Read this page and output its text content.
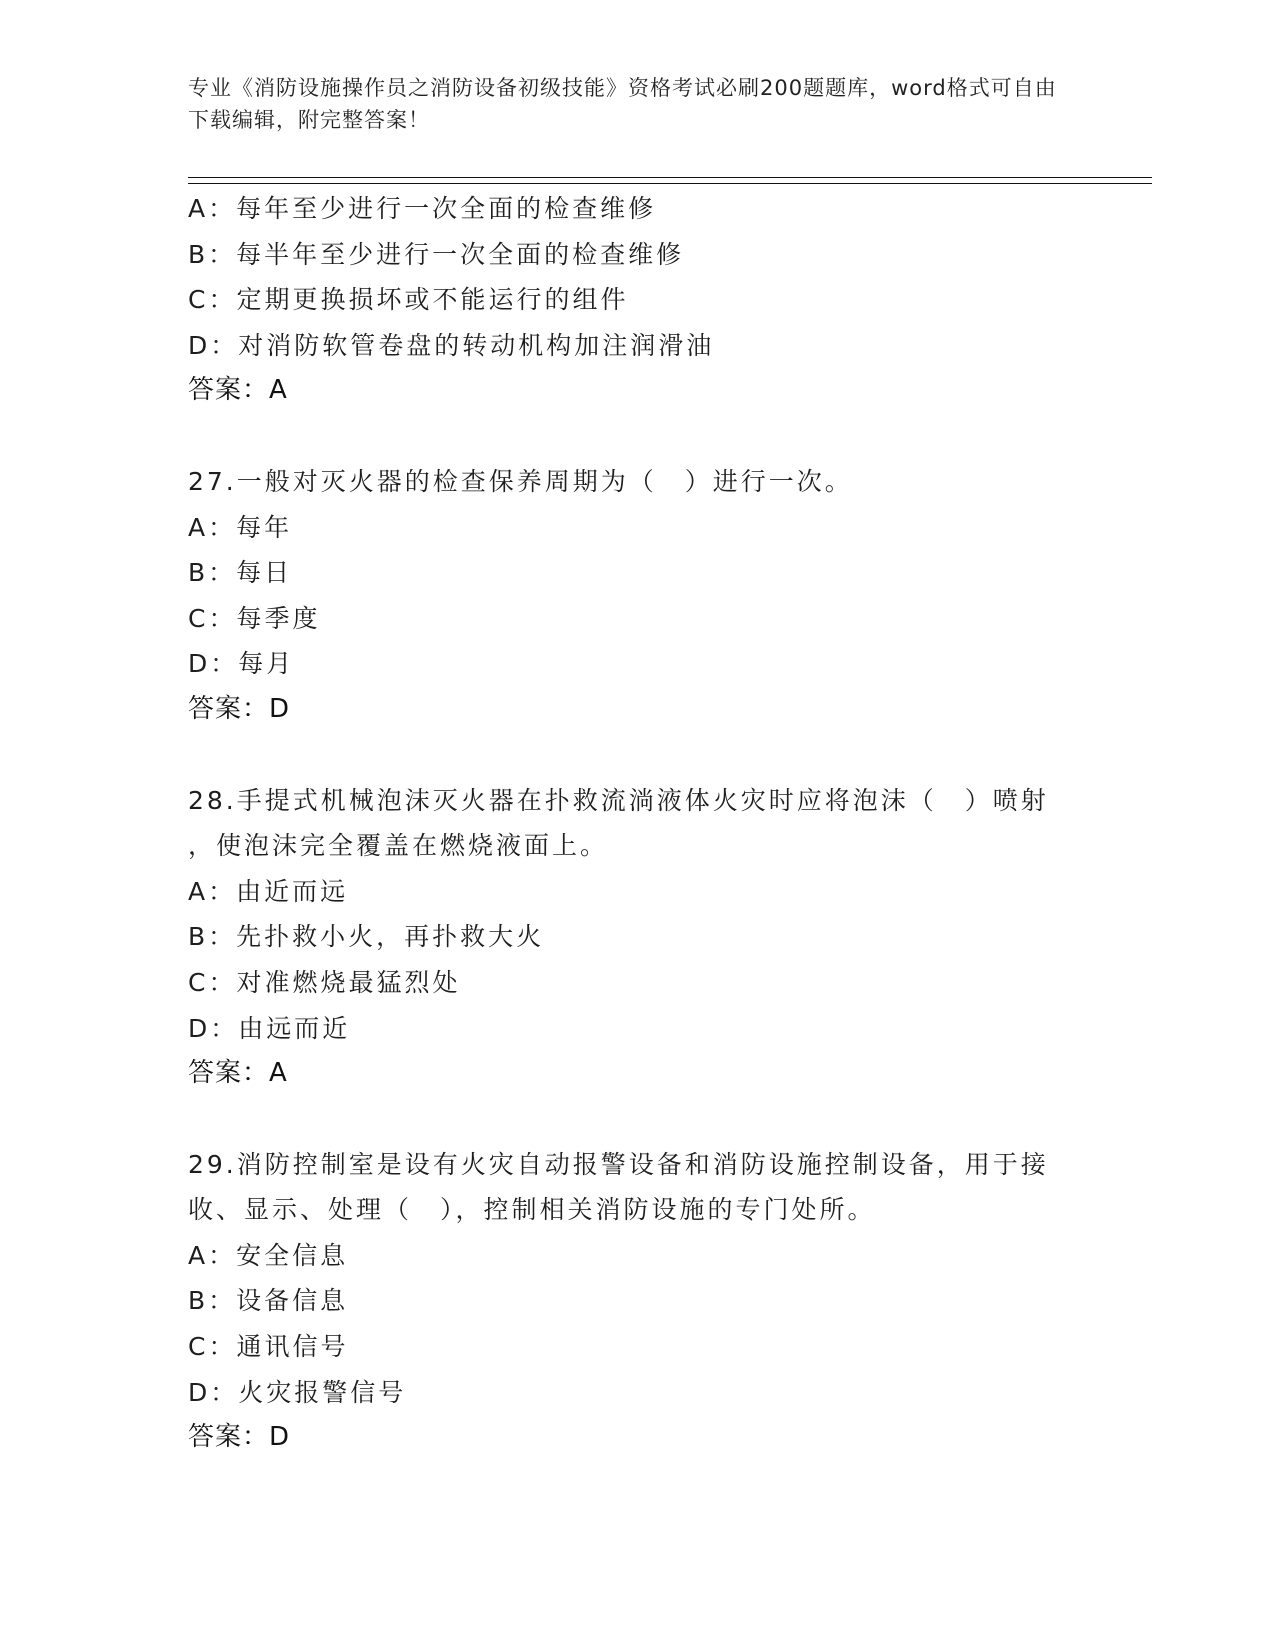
专业《消防设施操作员之消防设备初级技能》资格考试必刷200题题库，word格式可自由下载编辑，附完整答案！
A：每年至少进行一次全面的检查维修
B：每半年至少进行一次全面的检查维修
C：定期更换损坏或不能运行的组件
D：对消防软管卷盘的转动机构加注润滑油
答案：A
27.一般对灭火器的检查保养周期为（　）进行一次。
A：每年
B：每日
C：每季度
D：每月
答案：D
28.手提式机械泡沫灭火器在扑救流淌液体火灾时应将泡沫（　）喷射
，使泡沫完全覆盖在燃烧液面上。
A：由近而远
B：先扑救小火，再扑救大火
C：对准燃烧最猛烈处
D：由远而近
答案：A
29.消防控制室是设有火灾自动报警设备和消防设施控制设备，用于接
收、显示、处理（　），控制相关消防设施的专门处所。
A：安全信息
B：设备信息
C：通讯信号
D：火灾报警信号
答案：D
